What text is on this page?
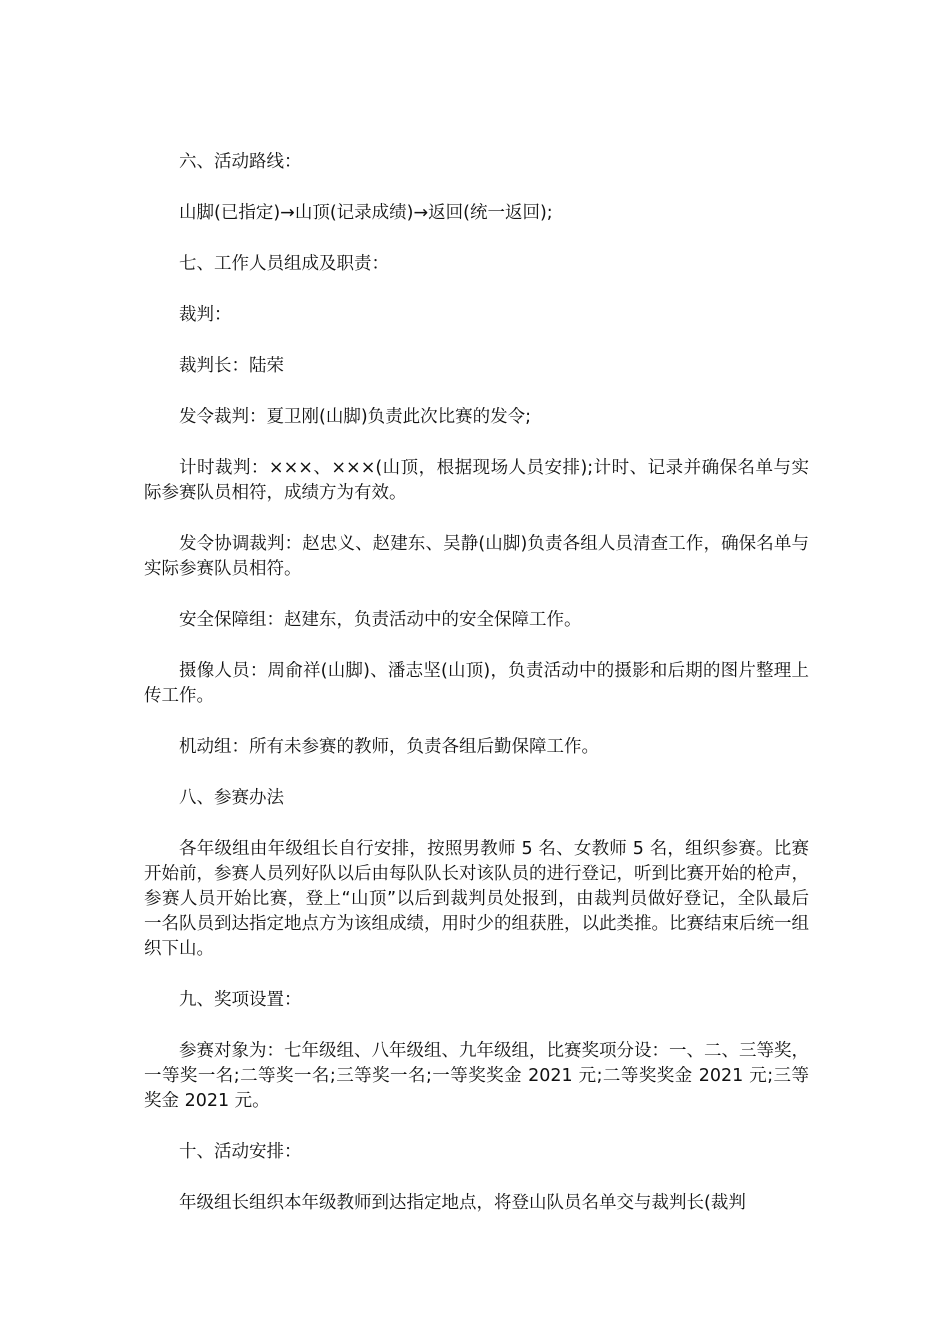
六、活动路线：

山脚(已指定)→山顶(记录成绩)→返回(统一返回);

七、工作人员组成及职责：

裁判：

裁判长：陆荣

发令裁判：夏卫刚(山脚)负责此次比赛的发令;

计时裁判：×××、×××(山顶，根据现场人员安排);计时、记录并确保名单与实际参赛队员相符，成绩方为有效。

发令协调裁判：赵忠义、赵建东、吴静(山脚)负责各组人员清查工作，确保名单与实际参赛队员相符。

安全保障组：赵建东，负责活动中的安全保障工作。

摄像人员：周俞祥(山脚)、潘志坚(山顶)，负责活动中的摄影和后期的图片整理上传工作。

机动组：所有未参赛的教师，负责各组后勤保障工作。

八、参赛办法

各年级组由年级组长自行安排，按照男教师 5 名、女教师 5 名，组织参赛。比赛开始前，参赛人员列好队以后由每队队长对该队员的进行登记，听到比赛开始的枪声，参赛人员开始比赛，登上“山顶”以后到裁判员处报到，由裁判员做好登记，全队最后一名队员到达指定地点方为该组成绩，用时少的组获胜，以此类推。比赛结束后统一组织下山。

九、奖项设置：

参赛对象为：七年级组、八年级组、九年级组，比赛奖项分设：一、二、三等奖，一等奖一名;二等奖一名;三等奖一名;一等奖奖金 2021 元;二等奖奖金 2021 元;三等奖金 2021 元。

十、活动安排：

年级组长组织本年级教师到达指定地点，将登山队员名单交与裁判长(裁判
